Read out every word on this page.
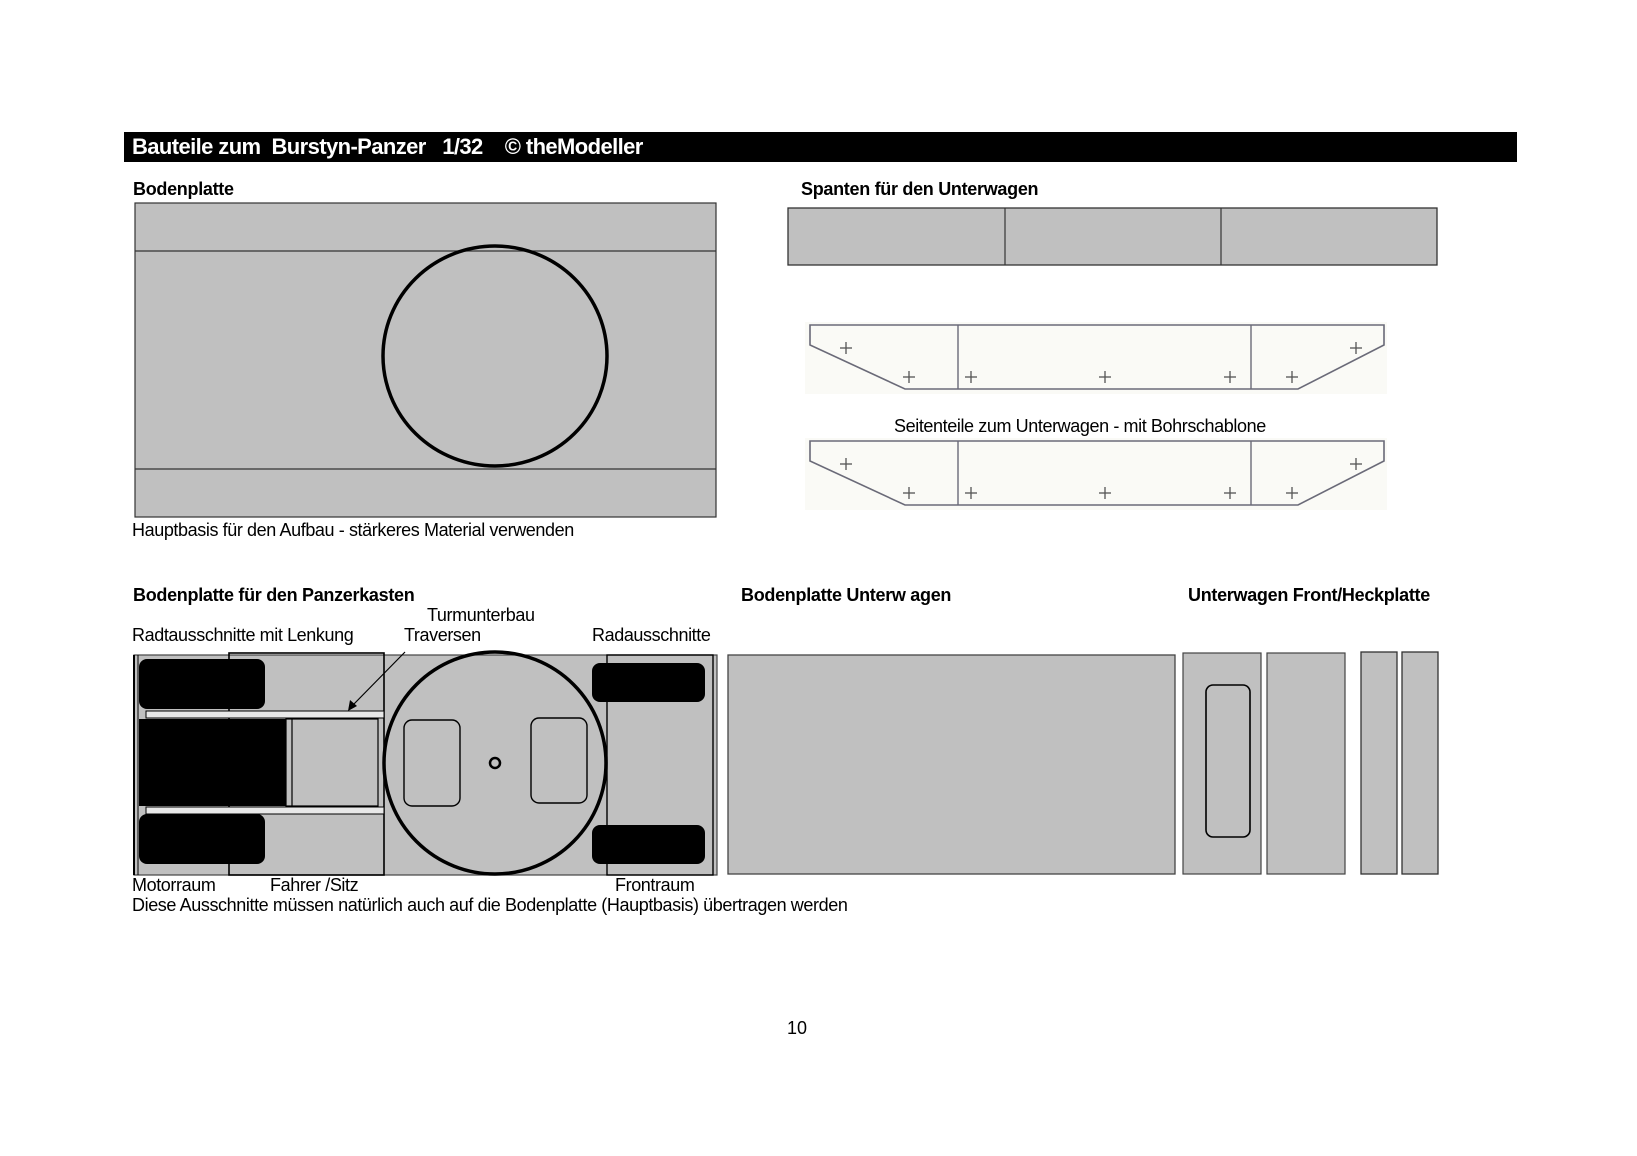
Bauteile zum  Burstyn-Panzer   1/32    © theModeller
Bodenplatte	Spanten für den Unterwagen
Hauptbasis für den Aufbau - stärkeres Material verwenden
Seitenteile zum Unterwagen - mit Bohrschablone
Bodenplatte für den Panzerkasten	Bodenplatte Unterw agen	Unterwagen Front/Heckplatte
Turmunterbau
Radtausschnitte mit Lenkung	Traversen	Radausschnitte
Motorraum	Fahrer /Sitz	Frontraum
Diese Ausschnitte müssen natürlich auch auf die Bodenplatte (Hauptbasis) übertragen werden
10
